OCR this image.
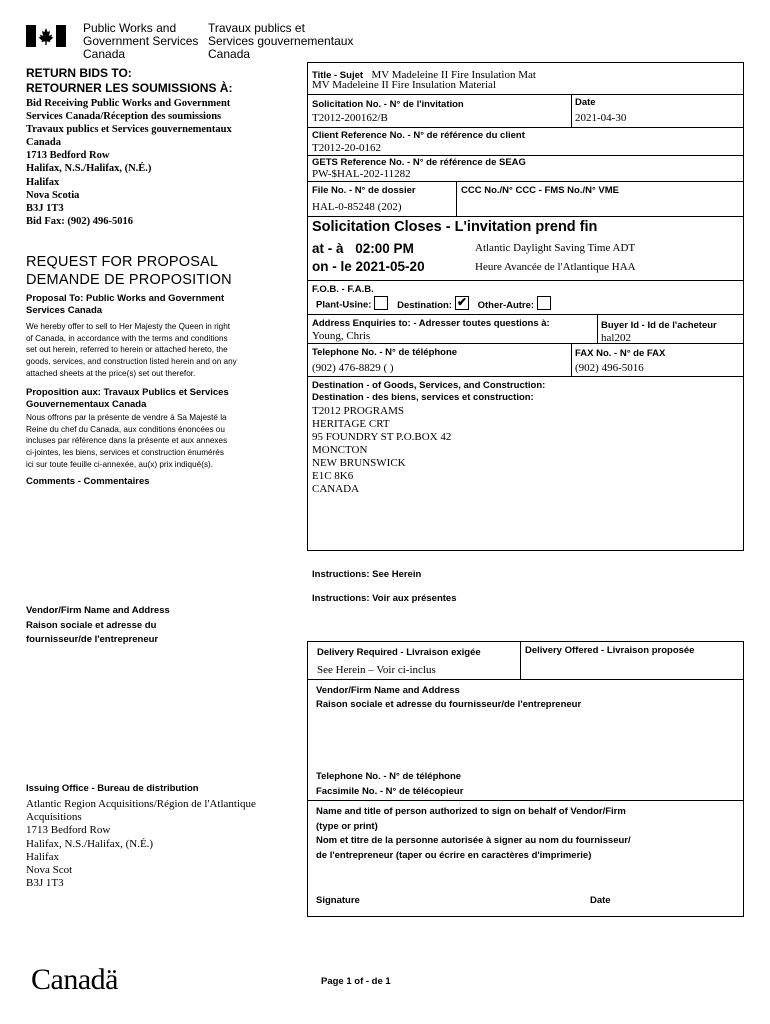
Public Works and
Government Services
Canada
Travaux publics et
Services gouvernementaux
Canada
RETURN BIDS TO:
RETOURNER LES SOUMISSIONS À:
Bid Receiving Public Works and Government
Services Canada/Réception des soumissions
Travaux publics et Services gouvernementaux
Canada
1713 Bedford Row
Halifax, N.S./Halifax, (N.É.)
Halifax
Nova Scotia
B3J 1T3
Bid Fax: (902) 496-5016
REQUEST FOR PROPOSAL
DEMANDE DE PROPOSITION
Proposal To: Public Works and Government
Services Canada
We hereby offer to sell to Her Majesty the Queen in right
of Canada, in accordance with the terms and conditions
set out herein, referred to herein or attached hereto, the
goods, services, and construction listed herein and on any
attached sheets at the price(s) set out therefor.
Proposition aux: Travaux Publics et Services
Gouvernementaux Canada
Nous offrons par la présente de vendre à Sa Majesté la
Reine du chef du Canada, aux conditions énoncées ou
incluses par référence dans la présente et aux annexes
ci-jointes, les biens, services et construction énumérés
ici sur toute feuille ci-annexée, au(x) prix indiqué(s).
Comments - Commentaires
Vendor/Firm Name and Address
Raison sociale et adresse du
fournisseur/de l'entrepreneur
Issuing Office - Bureau de distribution
Atlantic Region Acquisitions/Région de l'Atlantique
Acquisitions
1713 Bedford Row
Halifax, N.S./Halifax, (N.É.)
Halifax
Nova Scot
B3J 1T3
Title - Sujet MV Madeleine II Fire Insulation Mat
MV Madeleine II Fire Insulation Material
Solicitation No. - N° de l'invitation
T2012-200162/B
Date
2021-04-30
Client Reference No. - N° de référence du client
T2012-20-0162
GETS Reference No. - N° de référence de SEAG
PW-$HAL-202-11282
File No. - N° de dossier
HAL-0-85248 (202)
CCC No./N° CCC - FMS No./N° VME
Solicitation Closes - L'invitation prend fin
at - à 02:00 PM
on - le 2021-05-20
Atlantic Daylight Saving Time ADT
Heure Avancée de l'Atlantique HAA
F.O.B. - F.A.B.
Plant-Usine:	Destination: ✔ Other-Autre:
Address Enquiries to: - Adresser toutes questions à:
Young, Chris
Buyer Id - Id de l'acheteur
hal202
Telephone No. - N° de téléphone
(902) 476-8829 ( )
FAX No. - N° de FAX
(902) 496-5016
Destination - of Goods, Services, and Construction:
Destination - des biens, services et construction:
T2012 PROGRAMS
HERITAGE CRT
95 FOUNDRY ST P.O.BOX 42
MONCTON
NEW BRUNSWICK
E1C 8K6
CANADA
Instructions: See Herein
Instructions: Voir aux présentes
Delivery Required - Livraison exigée
See Herein – Voir ci-inclus
Delivery Offered - Livraison proposée
Vendor/Firm Name and Address
Raison sociale et adresse du fournisseur/de l'entrepreneur
Telephone No. - N° de téléphone
Facsimile No. - N° de télécopieur
Name and title of person authorized to sign on behalf of Vendor/Firm
(type or print)
Nom et titre de la personne autorisée à signer au nom du fournisseur/
de l'entrepreneur (taper ou écrire en caractères d'imprimerie)
Signature	Date
Canadä	Page 1 of - de 1
